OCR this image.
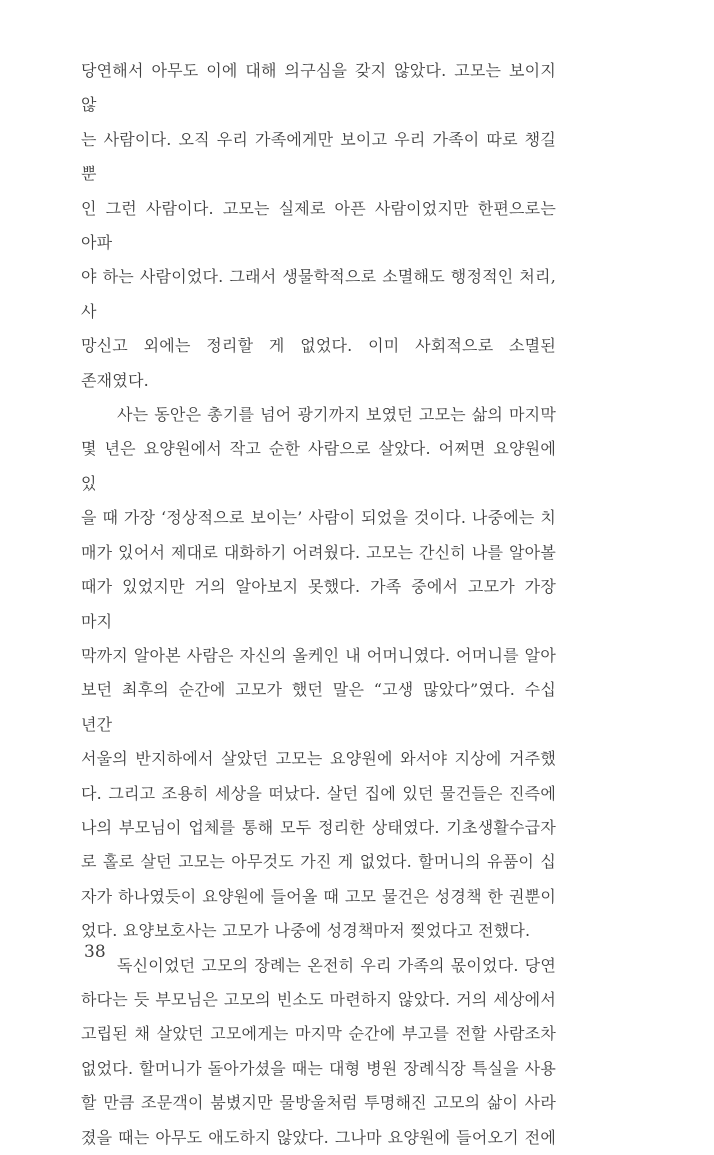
당연해서 아무도 이에 대해 의구심을 갖지 않았다. 고모는 보이지 않
는 사람이다. 오직 우리 가족에게만 보이고 우리 가족이 따로 챙길 뿐
인 그런 사람이다. 고모는 실제로 아픈 사람이었지만 한편으로는 아파
야 하는 사람이었다. 그래서 생물학적으로 소멸해도 행정적인 처리, 사
망신고 외에는 정리할 게 없었다. 이미 사회적으로 소멸된 존재였다.
사는 동안은 총기를 넘어 광기까지 보였던 고모는 삶의 마지막
몇 년은 요양원에서 작고 순한 사람으로 살았다. 어쩌면 요양원에 있
을 때 가장 ‘정상적으로 보이는’ 사람이 되었을 것이다. 나중에는 치
매가 있어서 제대로 대화하기 어려웠다. 고모는 간신히 나를 알아볼
때가 있었지만 거의 알아보지 못했다. 가족 중에서 고모가 가장 마지
막까지 알아본 사람은 자신의 올케인 내 어머니였다. 어머니를 알아
보던 최후의 순간에 고모가 했던 말은 “고생 많았다”였다. 수십 년간
서울의 반지하에서 살았던 고모는 요양원에 와서야 지상에 거주했
다. 그리고 조용히 세상을 떠났다. 살던 집에 있던 물건들은 진즉에
나의 부모님이 업체를 통해 모두 정리한 상태였다. 기초생활수급자
로 홀로 살던 고모는 아무것도 가진 게 없었다. 할머니의 유품이 십
자가 하나였듯이 요양원에 들어올 때 고모 물건은 성경책 한 권뿐이
었다. 요양보호사는 고모가 나중에 성경책마저 찢었다고 전했다.
독신이었던 고모의 장례는 온전히 우리 가족의 몫이었다. 당연
하다는 듯 부모님은 고모의 빈소도 마련하지 않았다. 거의 세상에서
고립된 채 살았던 고모에게는 마지막 순간에 부고를 전할 사람조차
없었다. 할머니가 돌아가셨을 때는 대형 병원 장례식장 특실을 사용
할 만큼 조문객이 붐볐지만 물방울처럼 투명해진 고모의 삶이 사라
졌을 때는 아무도 애도하지 않았다. 그나마 요양원에 들어오기 전에
38
